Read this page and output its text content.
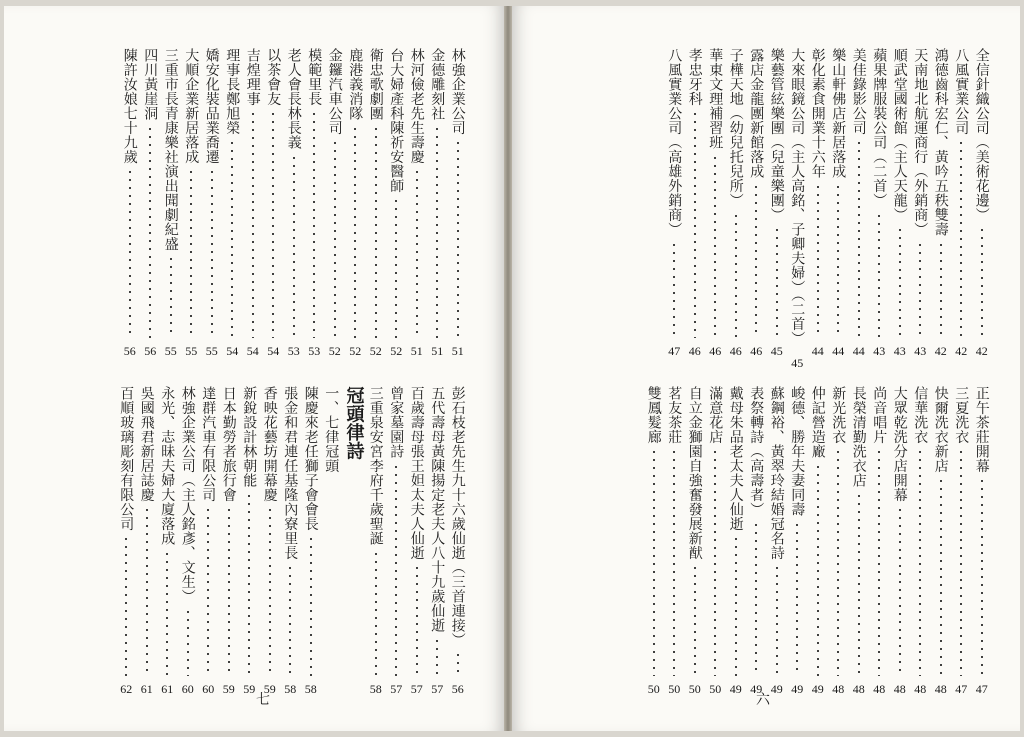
林強企業公司
51
金德雕刻社
51
林河儉老先生壽慶
51
台大婦產科陳祈安醫師
52
衛忠歌劇團
52
鹿港義消隊
52
金鑼汽車公司
52
模範里長
53
老人會長林長義
53
以茶會友
54
吉煌理事
54
理事長鄭旭榮
54
嬌安化裝品業喬遷
55
大順企業新居落成
55
三重市長青康樂社演出聞劇紀盛
55
四川黃崖洞
56
陳許汝娘七十九歲
56
彭石枝老先生九十六歲仙逝（三首連接）
56
五代壽母黃陳揚定老夫人八十九歲仙逝
57
百歲壽母張王妲太夫人仙逝
57
曾家墓園詩
57
三重泉安宮李府千歲聖誕
58
冠頭律詩
一、七律冠頭
陳慶來老任獅子會會長
58
張金和君連任基隆內寮里長
58
香映花藝坊開幕慶
59
新銳設計林朝能
59
日本勤勞者旅行會
59
達群汽車有限公司
60
林強企業公司（主人銘彥、文生）
60
永光、志昧夫婦大廈落成
61
吳國飛君新居誌慶
61
百順玻璃彫刻有限公司
62
七
全信針織公司（美術花邊）
42
八風實業公司
42
鴻德齒科宏仁、黃吟五秩雙壽
42
天南地北航運商行（外銷商）
43
順武堂國術館（主人天龍）
43
蘋果牌服裝公司（二首）
43
美佳錄影公司
44
樂山軒佛店新居落成
44
彰化素食開業十六年
44
大來眼鏡公司（主人高銘、子卿夫婦）（二首）
45
樂藝管絃樂團（兒童樂團）
45
露店金龍團新館落成
46
子樺天地（幼兒托兒所）
46
華東文理補習班
46
孝忠牙科
46
八風實業公司（高雄外銷商）
47
正午茶莊開幕
47
三夏洗衣
47
快爾洗衣新店
48
信華洗衣
48
大眾乾洗分店開幕
48
尚音唱片
48
長榮清勤洗衣店
48
新光洗衣
48
仲記營造廠
49
峻德、勝年夫妻同壽
49
蘇鋼裕、黃翠玲結婚冠名詩
49
表祭轉詩（高壽者）
49
戴母朱品老太夫人仙逝
49
滿意花店
50
自立金獅園自強奮發展新猷
50
茗友茶莊
50
雙鳳髮廊
50
六
